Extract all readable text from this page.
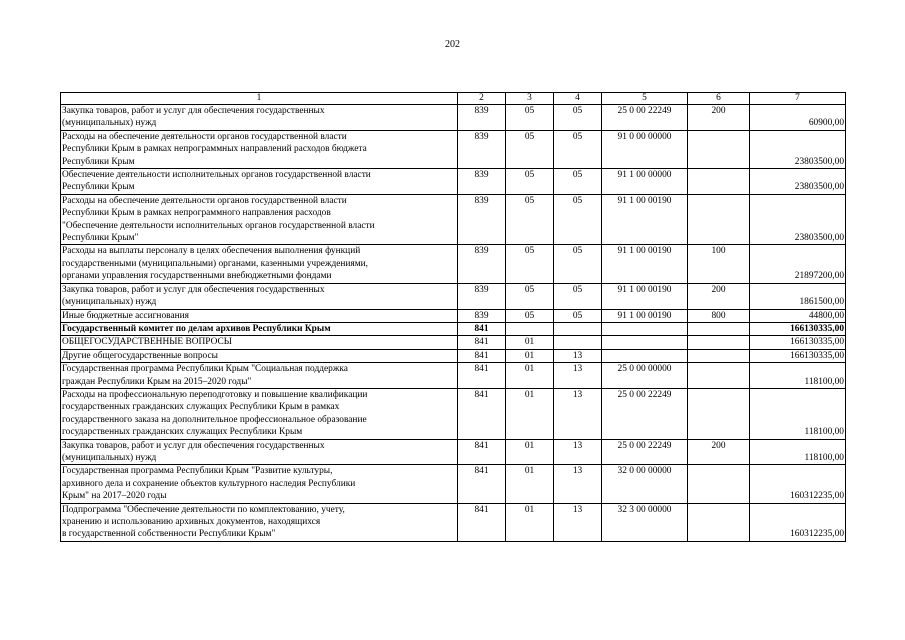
202
1	2	3	4	5	6	7

Закупка товаров, работ и услуг для обеспечения государственных
(муниципальных) нужд	839	05	05	25 0 00 22249	200	60900,00

Расходы на обеспечение деятельности органов государственной власти
Республики Крым в рамках непрограммных направлений расходов бюджета
Республики Крым	839	05	05	91 0 00 00000		23803500,00

Обеспечение деятельности исполнительных органов государственной власти
Республики Крым	839	05	05	91 1 00 00000		23803500,00

Расходы на обеспечение деятельности органов государственной власти
Республики Крым в рамках непрограммного направления расходов
"Обеспечение деятельности исполнительных органов государственной власти
Республики Крым"	839	05	05	91 1 00 00190		23803500,00

Расходы на выплаты персоналу в целях обеспечения выполнения функций
государственными (муниципальными) органами, казенными учреждениями,
органами управления государственными внебюджетными фондами	839	05	05	91 1 00 00190	100	21897200,00

Закупка товаров, работ и услуг для обеспечения государственных
(муниципальных) нужд	839	05	05	91 1 00 00190	200	1861500,00

Иные бюджетные ассигнования	839	05	05	91 1 00 00190	800	44800,00

Государственный комитет по делам архивов Республики Крым	841					166130335,00

ОБЩЕГОСУДАРСТВЕННЫЕ ВОПРОСЫ	841	01				166130335,00

Другие общегосударственные вопросы	841	01	13			166130335,00

Государственная программа Республики Крым "Социальная поддержка
граждан Республики Крым на 2015–2020 годы"	841	01	13	25 0 00 00000		118100,00

Расходы на профессиональную переподготовку и повышение квалификации
государственных гражданских служащих Республики Крым в рамках
государственного заказа на дополнительное профессиональное образование
государственных гражданских служащих Республики Крым	841	01	13	25 0 00 22249		118100,00

Закупка товаров, работ и услуг для обеспечения государственных
(муниципальных) нужд	841	01	13	25 0 00 22249	200	118100,00

Государственная программа Республики Крым "Развитие культуры,
архивного дела и сохранение объектов культурного наследия Республики
Крым" на 2017–2020 годы	841	01	13	32 0 00 00000		160312235,00

Подпрограмма "Обеспечение деятельности по комплектованию, учету,
хранению и использованию архивных документов, находящихся
в государственной собственности Республики Крым"	841	01	13	32 3 00 00000		160312235,00
